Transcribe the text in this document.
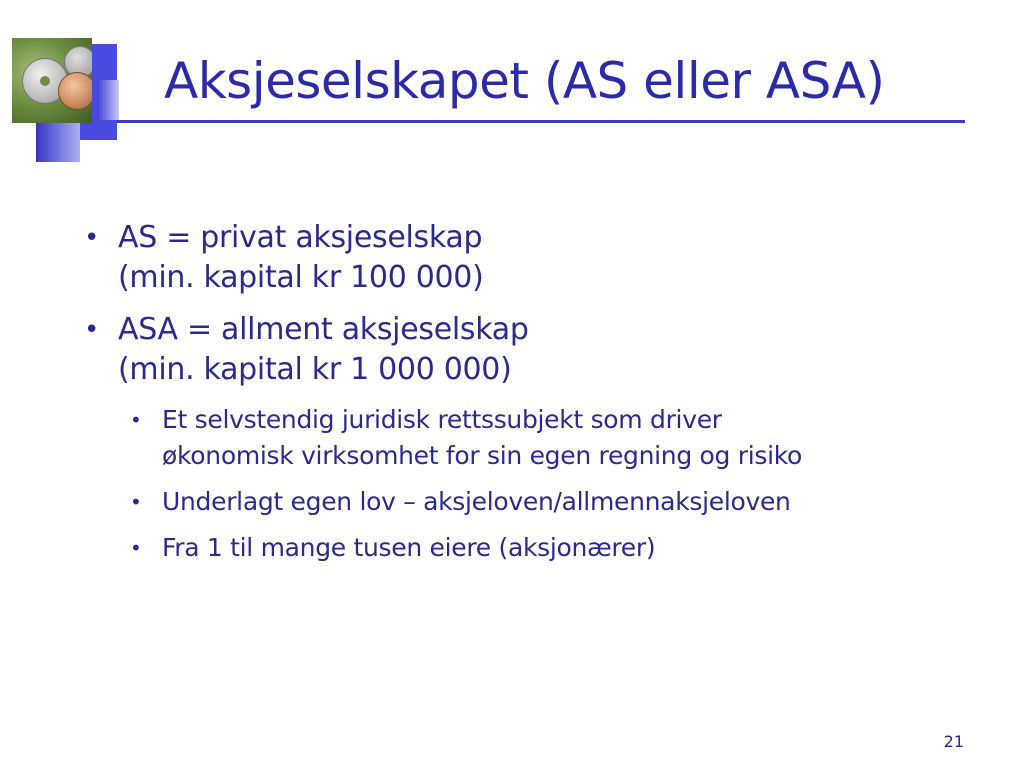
Aksjeselskapet (AS eller ASA)
• AS = privat aksjeselskap
(min. kapital kr 100 000)
• ASA = allment aksjeselskap
(min. kapital kr 1 000 000)
• Et selvstendig juridisk rettssubjekt som driver
økonomisk virksomhet for sin egen regning og risiko
• Underlagt egen lov – aksjeloven/allmennaksjeloven
• Fra 1 til mange tusen eiere (aksjonærer)
21
